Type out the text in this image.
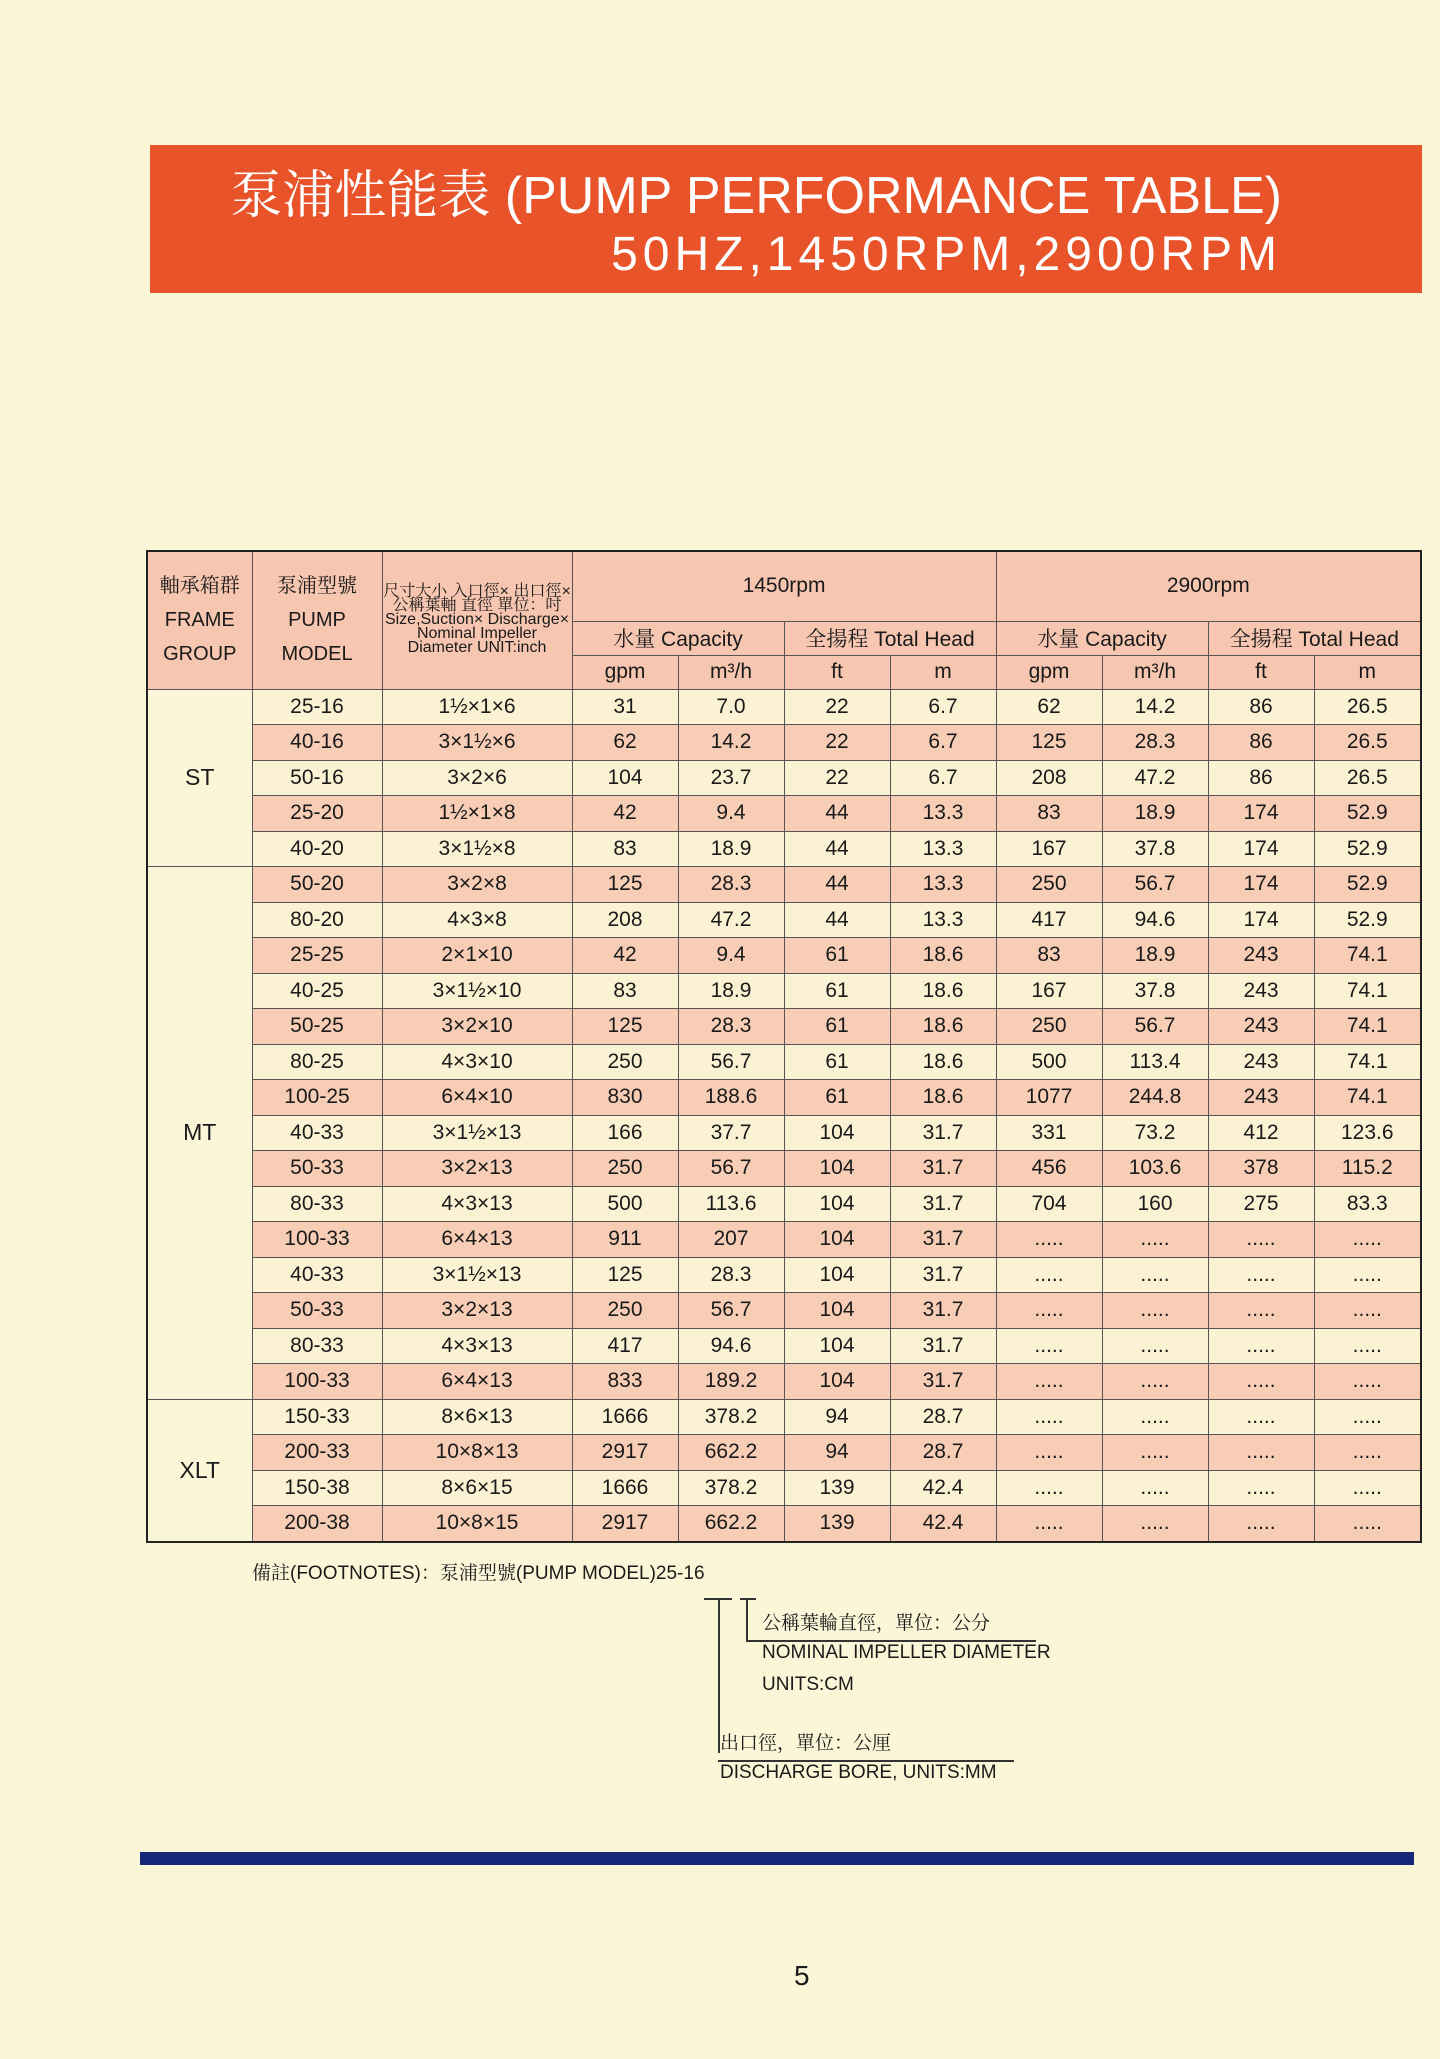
泵浦性能表 (PUMP PERFORMANCE TABLE)
50HZ,1450RPM,2900RPM
軸承箱群 FRAME GROUP	泵浦型號 PUMP MODEL	尺寸大小 入口徑× 出口徑×公稱葉軸 直徑 單位：吋 Size,Suction× Discharge× Nominal Impeller Diameter UNIT:inch	1450rpm				2900rpm			
			水量 Capacity		全揚程 Total Head		水量 Capacity		全揚程 Total Head	
			gpm	m³/h	ft	m	gpm	m³/h	ft	m
ST	25-16	1½×1×6	31	7.0	22	6.7	62	14.2	86	26.5
	40-16	3×1½×6	62	14.2	22	6.7	125	28.3	86	26.5
	50-16	3×2×6	104	23.7	22	6.7	208	47.2	86	26.5
	25-20	1½×1×8	42	9.4	44	13.3	83	18.9	174	52.9
	40-20	3×1½×8	83	18.9	44	13.3	167	37.8	174	52.9
MT	50-20	3×2×8	125	28.3	44	13.3	250	56.7	174	52.9
	80-20	4×3×8	208	47.2	44	13.3	417	94.6	174	52.9
	25-25	2×1×10	42	9.4	61	18.6	83	18.9	243	74.1
	40-25	3×1½×10	83	18.9	61	18.6	167	37.8	243	74.1
	50-25	3×2×10	125	28.3	61	18.6	250	56.7	243	74.1
	80-25	4×3×10	250	56.7	61	18.6	500	113.4	243	74.1
	100-25	6×4×10	830	188.6	61	18.6	1077	244.8	243	74.1
	40-33	3×1½×13	166	37.7	104	31.7	331	73.2	412	123.6
	50-33	3×2×13	250	56.7	104	31.7	456	103.6	378	115.2
	80-33	4×3×13	500	113.6	104	31.7	704	160	275	83.3
	100-33	6×4×13	911	207	104	31.7	.....	.....	.....	.....
	40-33	3×1½×13	125	28.3	104	31.7	.....	.....	.....	.....
	50-33	3×2×13	250	56.7	104	31.7	.....	.....	.....	.....
	80-33	4×3×13	417	94.6	104	31.7	.....	.....	.....	.....
	100-33	6×4×13	833	189.2	104	31.7	.....	.....	.....	.....
XLT	150-33	8×6×13	1666	378.2	94	28.7	.....	.....	.....	.....
	200-33	10×8×13	2917	662.2	94	28.7	.....	.....	.....	.....
	150-38	8×6×15	1666	378.2	139	42.4	.....	.....	.....	.....
	200-38	10×8×15	2917	662.2	139	42.4	.....	.....	.....	.....
備註(FOOTNOTES)：泵浦型號(PUMP MODEL)25-16
公稱葉輪直徑，單位：公分
NOMINAL IMPELLER DIAMETER
UNITS:CM
出口徑，單位：公厘
DISCHARGE BORE, UNITS:MM
5
